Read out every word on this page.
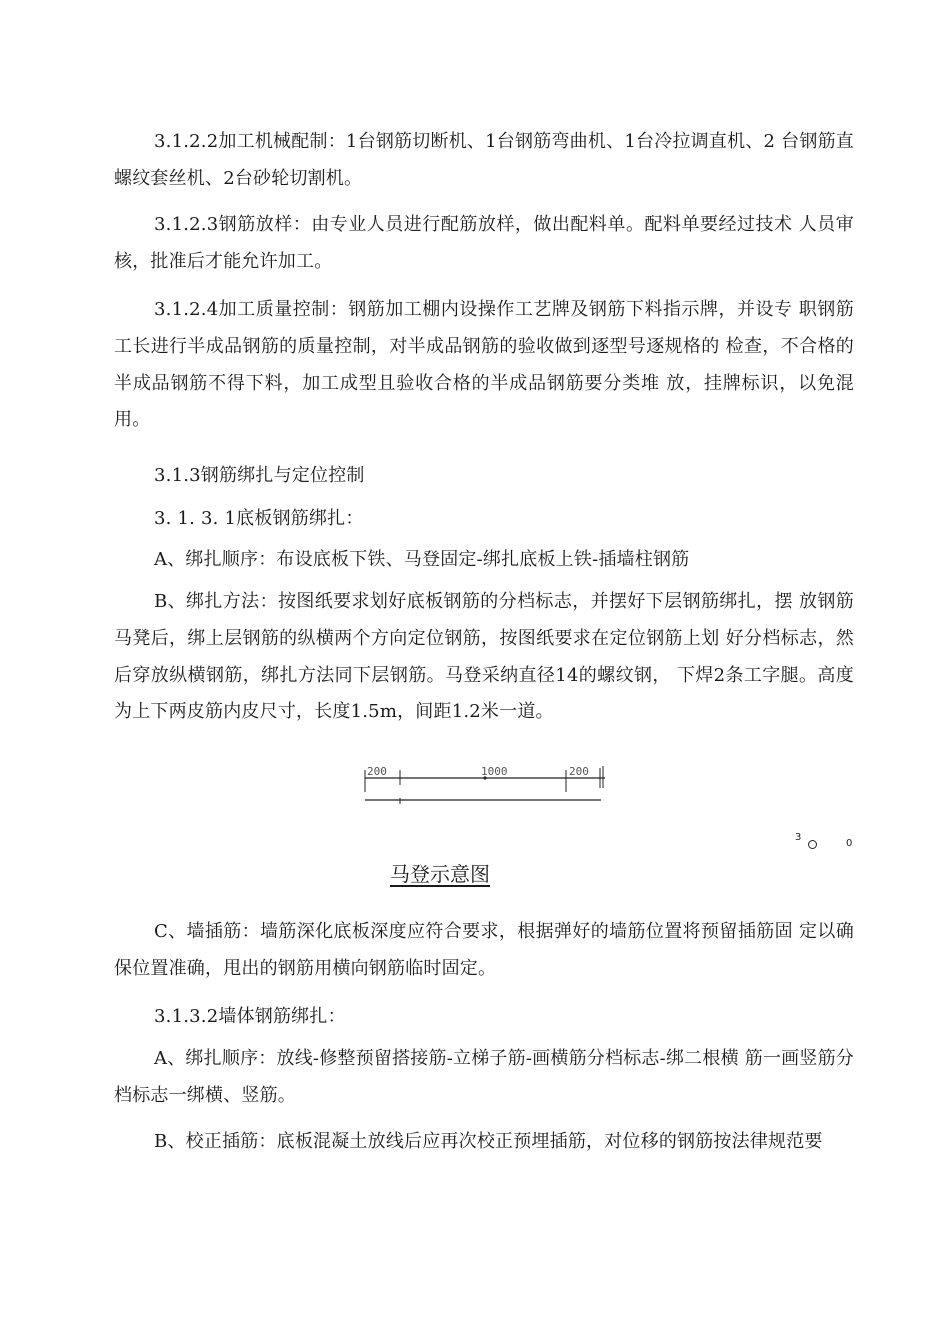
3.1.2.2加工机械配制：1台钢筋切断机、1台钢筋弯曲机、1台冷拉调直机、2 台钢筋直螺纹套丝机、2台砂轮切割机。

3.1.2.3钢筋放样：由专业人员进行配筋放样，做出配料单。配料单要经过技术 人员审核，批准后才能允许加工。

3.1.2.4加工质量控制：钢筋加工棚内设操作工艺牌及钢筋下料指示牌，并设专 职钢筋工长进行半成品钢筋的质量控制，对半成品钢筋的验收做到逐型号逐规格的 检查，不合格的半成品钢筋不得下料，加工成型且验收合格的半成品钢筋要分类堆 放，挂牌标识，以免混用。

3.1.3钢筋绑扎与定位控制

3. 1. 3. 1底板钢筋绑扎：

A、绑扎顺序：布设底板下铁、马登固定-绑扎底板上铁-插墙柱钢筋

B、绑扎方法：按图纸要求划好底板钢筋的分档标志，并摆好下层钢筋绑扎，摆 放钢筋马凳后，绑上层钢筋的纵横两个方向定位钢筋，按图纸要求在定位钢筋上划 好分档标志，然后穿放纵横钢筋，绑扎方法同下层钢筋。马登采纳直径14的螺纹钢， 下焊2条工字腿。高度为上下两皮筋内皮尺寸，长度1.5m，间距1.2米一道。

200	1000	200
3
0

马登示意图

C、墙插筋：墙筋深化底板深度应符合要求，根据弹好的墙筋位置将预留插筋固 定以确保位置准确，甩出的钢筋用横向钢筋临时固定。

3.1.3.2墙体钢筋绑扎：

A、绑扎顺序：放线-修整预留搭接筋-立梯子筋-画横筋分档标志-绑二根横 筋一画竖筋分档标志一绑横、竖筋。

B、校正插筋：底板混凝土放线后应再次校正预埋插筋，对位移的钢筋按法律规范要
